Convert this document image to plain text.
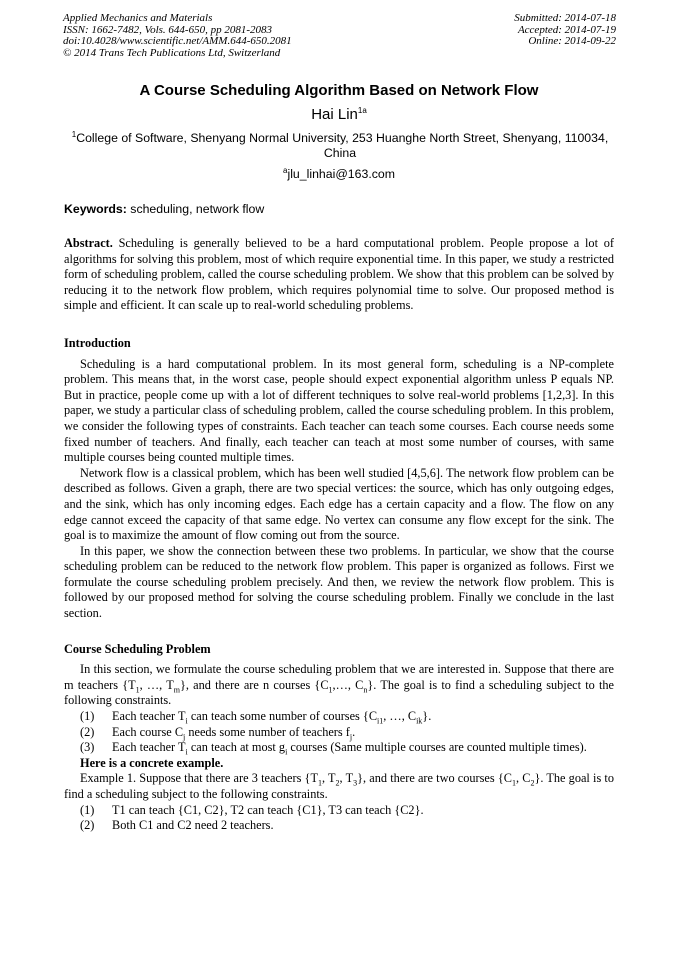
Applied Mechanics and Materials
ISSN: 1662-7482, Vols. 644-650, pp 2081-2083
doi:10.4028/www.scientific.net/AMM.644-650.2081
© 2014 Trans Tech Publications Ltd, Switzerland
Submitted: 2014-07-18
Accepted: 2014-07-19
Online: 2014-09-22
A Course Scheduling Algorithm Based on Network Flow
Hai Lin$^{1a}$
$^1$College of Software, Shenyang Normal University, 253 Huanghe North Street, Shenyang, 110034, China
$^a$jlu_linhai@163.com
Keywords: scheduling, network flow

Abstract. Scheduling is generally believed to be a hard computational problem. People propose a lot of algorithms for solving this problem, most of which require exponential time. In this paper, we study a restricted form of scheduling problem, called the course scheduling problem. We show that this problem can be solved by reducing it to the network flow problem, which requires polynomial time to solve. Our proposed method is simple and efficient. It can scale up to real-world scheduling problems.

Introduction

Scheduling is a hard computational problem. In its most general form, scheduling is a NP-complete problem. This means that, in the worst case, people should expect exponential algorithm unless P equals NP. But in practice, people come up with a lot of different techniques to solve real-world problems [1,2,3]. In this paper, we study a particular class of scheduling problem, called the course scheduling problem. In this problem, we consider the following types of constraints. Each teacher can teach some courses. Each course needs some fixed number of teachers. And finally, each teacher can teach at most some number of courses, with same multiple courses being counted multiple times.

Network flow is a classical problem, which has been well studied [4,5,6]. The network flow problem can be described as follows. Given a graph, there are two special vertices: the source, which has only outgoing edges, and the sink, which has only incoming edges. Each edge has a certain capacity and a flow. The flow on any edge cannot exceed the capacity of that same edge. No vertex can consume any flow except for the sink. The goal is to maximize the amount of flow coming out from the source.

In this paper, we show the connection between these two problems. In particular, we show that the course scheduling problem can be reduced to the network flow problem. This paper is organized as follows. First we formulate the course scheduling problem precisely. And then, we review the network flow problem. This is followed by our proposed method for solving the course scheduling problem. Finally we conclude in the last section.

Course Scheduling Problem

In this section, we formulate the course scheduling problem that we are interested in. Suppose that there are m teachers {$T_1$, …, $T_m$}, and there are n courses {$C_1,\dots$, $C_n$}. The goal is to find a scheduling subject to the following constraints.

(1) Each teacher $T_i$ can teach some number of courses {$C_{i1}$, …, $C_{ik}$}.

(2) Each course $C_j$ needs some number of teachers $f_j$.

(3) Each teacher $T_i$ can teach at most $g_i$ courses (Same multiple courses are counted multiple times).

Here is a concrete example.

Example 1. Suppose that there are 3 teachers {$T_1$, $T_2$, $T_3$}, and there are two courses {$C_1$, $C_2$}. The goal is to find a scheduling subject to the following constraints.

(1) T1 can teach {C1, C2}, T2 can teach {C1}, T3 can teach {C2}.

(2) Both C1 and C2 need 2 teachers.
